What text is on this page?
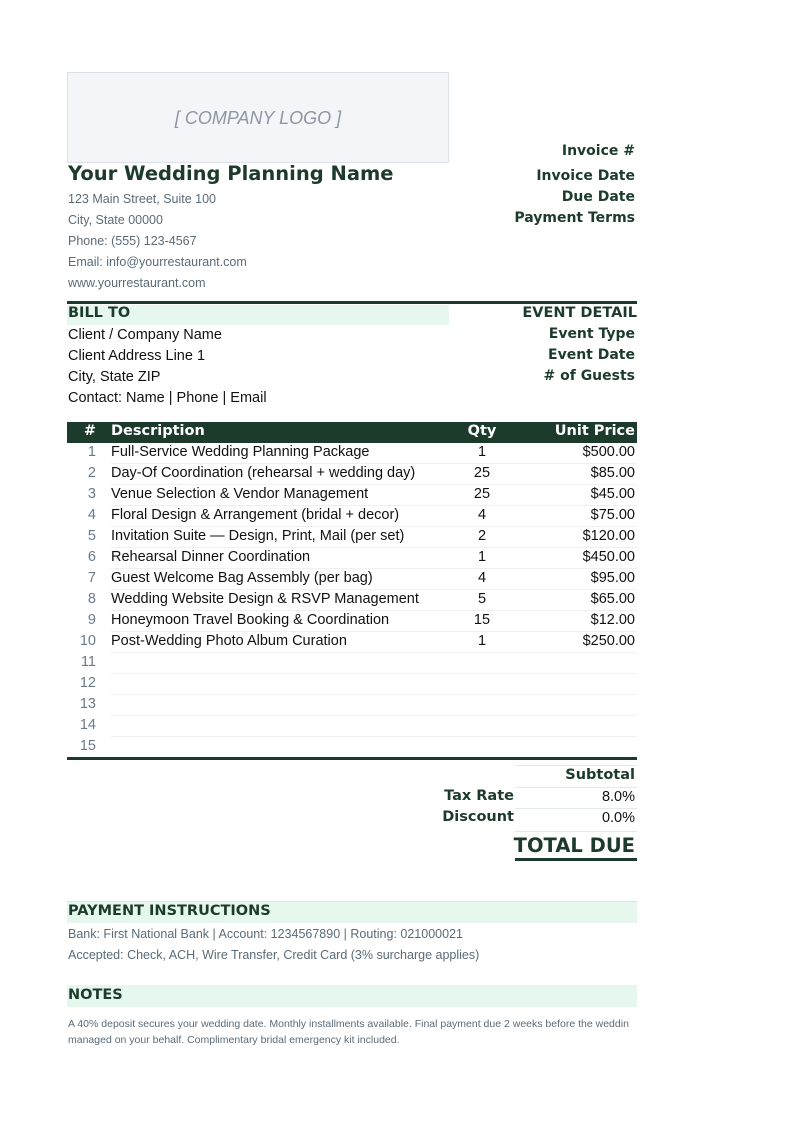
[ COMPANY LOGO ]
Your Wedding Planning Name
123 Main Street, Suite 100
City, State 00000
Phone: (555) 123-4567
Email: info@yourrestaurant.com
www.yourrestaurant.com
Invoice #
Invoice Date
Due Date
Payment Terms
BILL TO	EVENT DETAIL
Client / Company Name
Client Address Line 1
City, State ZIP
Contact: Name | Phone | Email
Event Type
Event Date
# of Guests
# Description	Qty	Unit Price
1 Full-Service Wedding Planning Package	1	$500.00
2 Day-Of Coordination (rehearsal + wedding day)	25	$85.00
3 Venue Selection & Vendor Management	25	$45.00
4 Floral Design & Arrangement (bridal + decor)	4	$75.00
5 Invitation Suite — Design, Print, Mail (per set)	2	$120.00
6 Rehearsal Dinner Coordination	1	$450.00
7 Guest Welcome Bag Assembly (per bag)	4	$95.00
8 Wedding Website Design & RSVP Management	5	$65.00
9 Honeymoon Travel Booking & Coordination	15	$12.00
10 Post-Wedding Photo Album Curation	1	$250.00
11
12
13
14
15
Subtotal
Tax Rate	8.0%
Discount	0.0%
TOTAL DUE
PAYMENT INSTRUCTIONS
Bank: First National Bank | Account: 1234567890 | Routing: 021000021
Accepted: Check, ACH, Wire Transfer, Credit Card (3% surcharge applies)
NOTES
A 40% deposit secures your wedding date. Monthly installments available. Final payment due 2 weeks before the weddin
managed on your behalf. Complimentary bridal emergency kit included.
